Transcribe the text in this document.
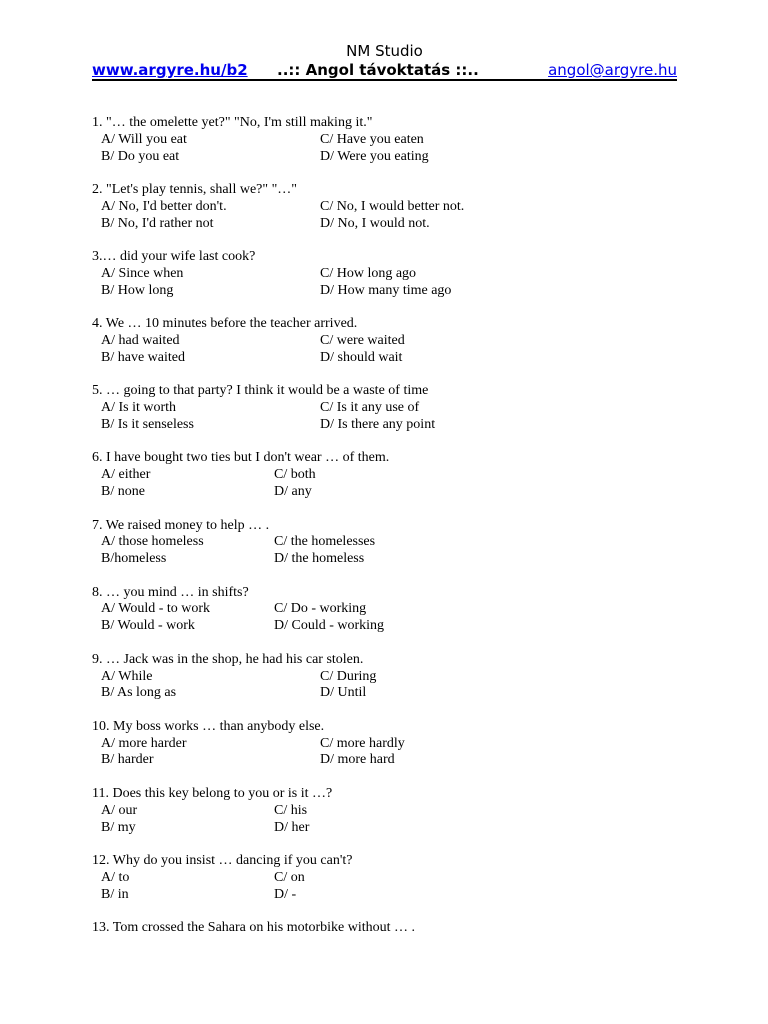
NM Studio
www.argyre.hu/b2 ..:: Angol távoktatás ::..	angol@argyre.hu
1. "… the omelette yet?" "No, I'm still making it."
A/ Will you eat	C/ Have you eaten
B/ Do you eat	D/ Were you eating
2. "Let's play tennis, shall we?" "…"
A/ No, I'd better don't.	C/ No, I would better not.
B/ No, I'd rather not	D/ No, I would not.
3.… did your wife last cook?
A/ Since when	C/ How long ago
B/ How long	D/ How many time ago
4. We … 10 minutes before the teacher arrived.
A/ had waited	C/ were waited
B/ have waited	D/ should wait
5. … going to that party? I think it would be a waste of time
A/ Is it worth	C/ Is it any use of
B/ Is it senseless	D/ Is there any point
6. I have bought two ties but I don't wear … of them.
A/ either	C/ both
B/ none	D/ any
7. We raised money to help … .
A/ those homeless	C/ the homelesses
B/homeless	D/ the homeless
8. … you mind … in shifts?
A/ Would - to work	C/ Do - working
B/ Would - work	D/ Could - working
9. … Jack was in the shop, he had his car stolen.
A/ While	C/ During
B/ As long as	D/ Until
10. My boss works … than anybody else.
A/ more harder	C/ more hardly
B/ harder	D/ more hard
11. Does this key belong to you or is it …?
A/ our	C/ his
B/ my	D/ her
12. Why do you insist … dancing if you can't?
A/ to	C/ on
B/ in	D/ -
13. Tom crossed the Sahara on his motorbike without … .
